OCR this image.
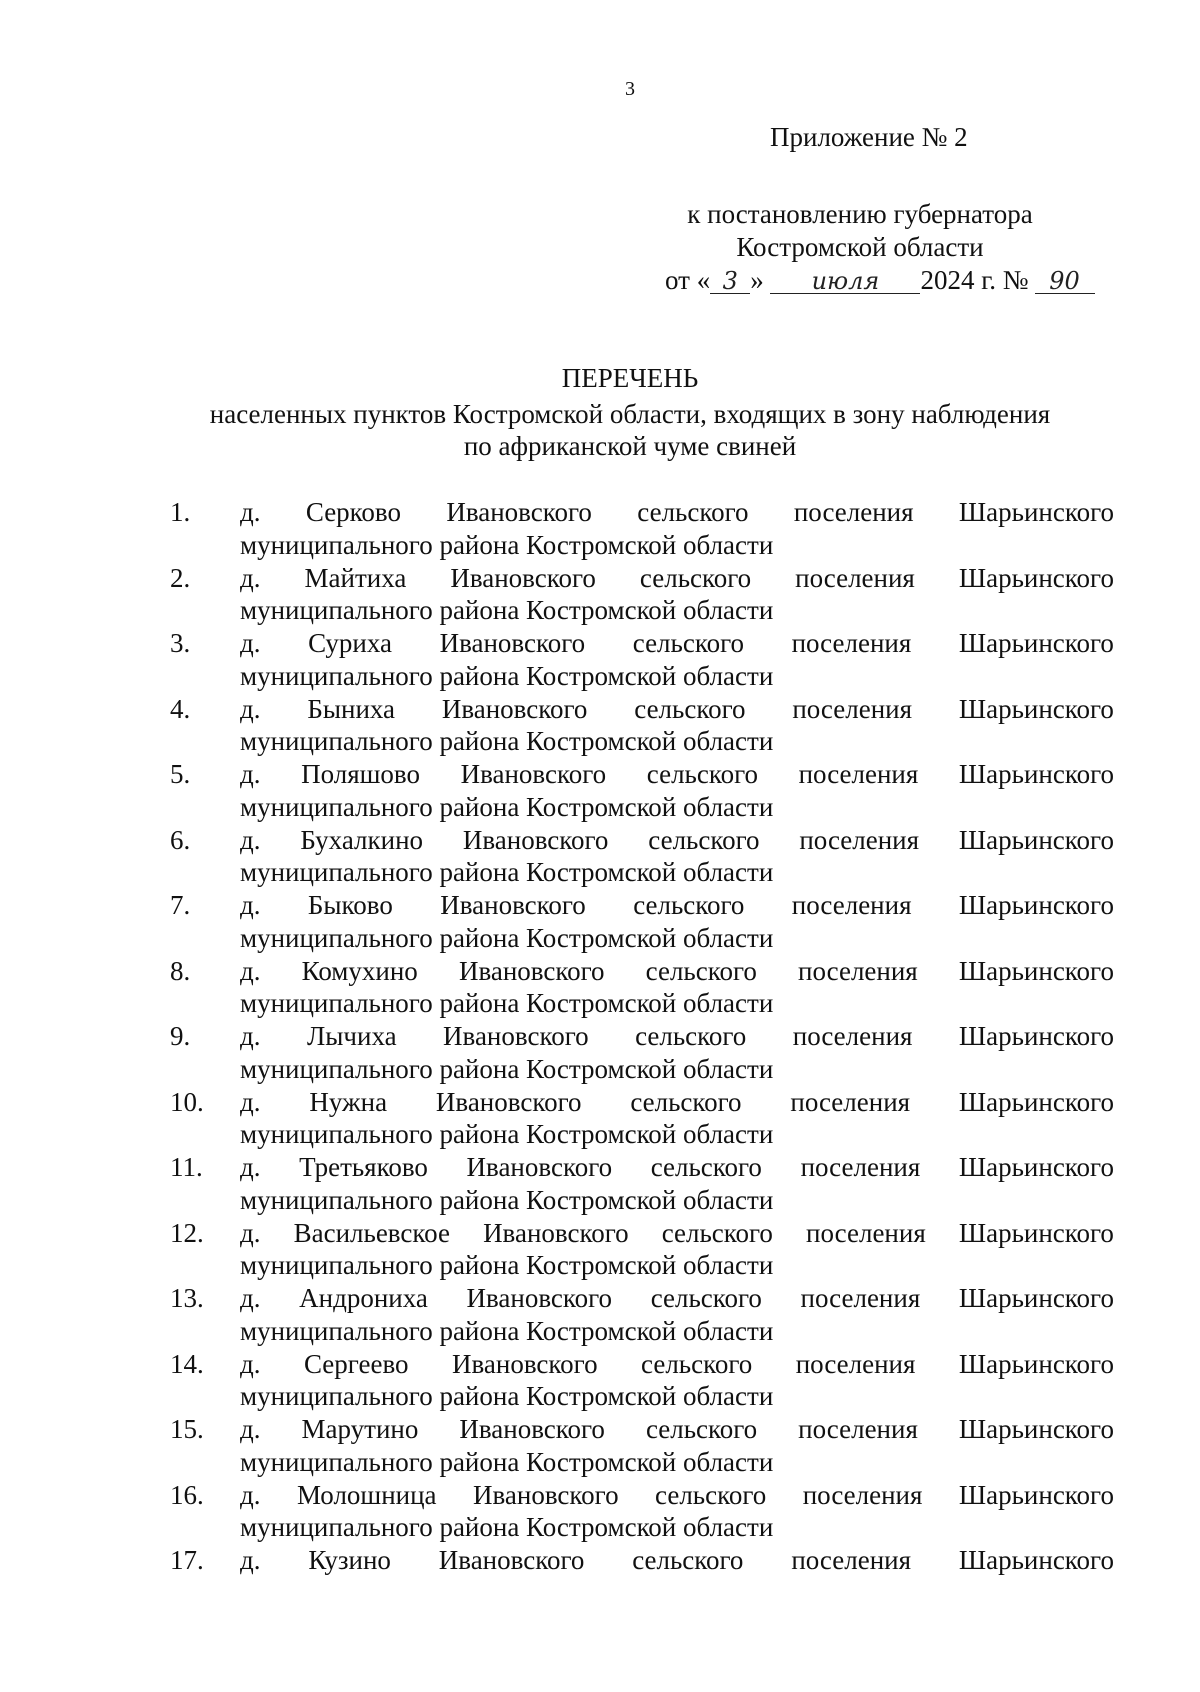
3
Приложение № 2
к постановлению губернатора
Костромской области
от « 3 » июля 2024 г. № 90
ПЕРЕЧЕНЬ
населенных пунктов Костромской области, входящих в зону наблюдения
по африканской чуме свиней
1. д. Серково Ивановского сельского поселения Шарьинского
муниципального района Костромской области
2. д. Майтиха Ивановского сельского поселения Шарьинского
муниципального района Костромской области
3. д. Суриха Ивановского сельского поселения Шарьинского
муниципального района Костромской области
4. д. Быниха Ивановского сельского поселения Шарьинского
муниципального района Костромской области
5. д. Поляшово Ивановского сельского поселения Шарьинского
муниципального района Костромской области
6. д. Бухалкино Ивановского сельского поселения Шарьинского
муниципального района Костромской области
7. д. Быково Ивановского сельского поселения Шарьинского
муниципального района Костромской области
8. д. Комухино Ивановского сельского поселения Шарьинского
муниципального района Костромской области
9. д. Лычиха Ивановского сельского поселения Шарьинского
муниципального района Костромской области
10. д. Нужна Ивановского сельского поселения Шарьинского
муниципального района Костромской области
11. д. Третьяково Ивановского сельского поселения Шарьинского
муниципального района Костромской области
12. д. Васильевское Ивановского сельского поселения Шарьинского
муниципального района Костромской области
13. д. Андрониха Ивановского сельского поселения Шарьинского
муниципального района Костромской области
14. д. Сергеево Ивановского сельского поселения Шарьинского
муниципального района Костромской области
15. д. Марутино Ивановского сельского поселения Шарьинского
муниципального района Костромской области
16. д. Молошница Ивановского сельского поселения Шарьинского
муниципального района Костромской области
17. д. Кузино Ивановского сельского поселения Шарьинского
